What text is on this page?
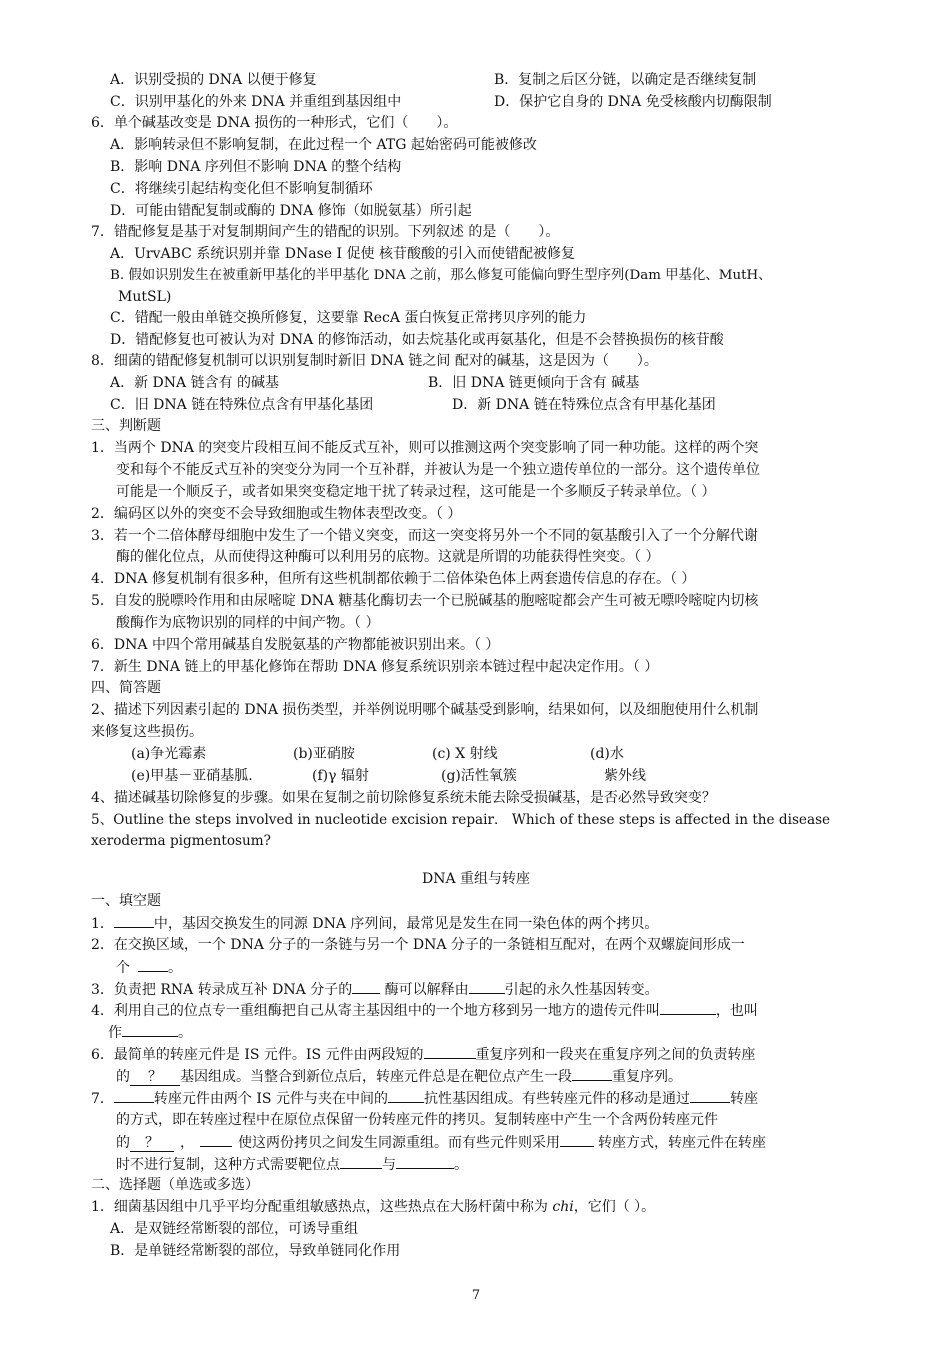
A．识别受损的 DNA 以便于修复	B．复制之后区分链，以确定是否继续复制
C．识别甲基化的外来 DNA 并重组到基因组中	D．保护它自身的 DNA 免受核酸内切酶限制
6．单个碱基改变是 DNA 损伤的一种形式，它们（　　）。
A．影响转录但不影响复制，在此过程一个 ATG 起始密码可能被修改
B．影响 DNA 序列但不影响 DNA 的整个结构
C．将继续引起结构变化但不影响复制循环
D．可能由错配复制或酶的 DNA 修饰（如脱氨基）所引起
7．错配修复是基于对复制期间产生的错配的识别。下列叙述 的是（　　）。
A．UrvABC 系统识别并靠 DNase I 促使 核苷酸酸的引入而使错配被修复
B. 假如识别发生在被重新甲基化的半甲基化 DNA 之前，那么修复可能偏向野生型序列(Dam 甲基化、MutH、
MutSL)
C．错配一般由单链交换所修复，这要靠 RecA 蛋白恢复正常拷贝序列的能力
D．错配修复也可被认为对 DNA 的修饰活动，如去烷基化或再氨基化，但是不会替换损伤的核苷酸
8．细菌的错配修复机制可以识别复制时新旧 DNA 链之间 配对的碱基，这是因为（　　）。
A．新 DNA 链含有 的碱基	B．旧 DNA 链更倾向于含有 碱基
C．旧 DNA 链在特殊位点含有甲基化基团	D．新 DNA 链在特殊位点含有甲基化基团
三、判断题
1．当两个 DNA 的突变片段相互间不能反式互补，则可以推测这两个突变影响了同一种功能。这样的两个突
变和每个不能反式互补的突变分为同一个互补群，并被认为是一个独立遗传单位的一部分。这个遗传单位
可能是一个顺反子，或者如果突变稳定地干扰了转录过程，这可能是一个多顺反子转录单位。（ ）
2．编码区以外的突变不会导致细胞或生物体表型改变。（ ）
3．若一个二倍体酵母细胞中发生了一个错义突变，而这一突变将另外一个不同的氨基酸引入了一个分解代谢
酶的催化位点，从而使得这种酶可以利用另的底物。这就是所谓的功能获得性突变。（ ）
4．DNA 修复机制有很多种，但所有这些机制都依赖于二倍体染色体上两套遗传信息的存在。（ ）
5．自发的脱嘌呤作用和由尿嘧啶 DNA 糖基化酶切去一个已脱碱基的胞嘧啶都会产生可被无嘌呤嘧啶内切核
酸酶作为底物识别的同样的中间产物。（ ）
6．DNA 中四个常用碱基自发脱氨基的产物都能被识别出来。（ ）
7．新生 DNA 链上的甲基化修饰在帮助 DNA 修复系统识别亲本链过程中起决定作用。（ ）
四、简答题
2、描述下列因素引起的 DNA 损伤类型，并举例说明哪个碱基受到影响，结果如何，以及细胞使用什么机制
来修复这些损伤。
(a)争光霉素	(b)亚硝胺	(c) X 射线	(d)水
(e)甲基－亚硝基胍.	(f)γ 辐射	(g)活性氧簇	紫外线
4、描述碱基切除修复的步骤。如果在复制之前切除修复系统未能去除受损碱基，是否必然导致突变？
5、Outline the steps involved in nucleotide excision repair． Which of these steps is affected in the disease
xeroderma pigmentosum?
DNA 重组与转座
一、填空题
1．	中，基因交换发生的同源 DNA 序列间，最常见是发生在同一染色体的两个拷贝。
2．在交换区域，一个 DNA 分子的一条链与另一个 DNA 分子的一条链相互配对，在两个双螺旋间形成一
个	。
3．负责把 RNA 转录成互补 DNA 分子的 酶可以解释由	引起的永久性基因转变。
4．利用自己的位点专一重组酶把自己从寄主基因组中的一个地方移到另一地方的遗传元件叫	，也叫
作	。
6．最简单的转座元件是 IS 元件。IS 元件由两段短的	重复序列和一段夹在重复序列之间的负责转座
的 ？ 基因组成。当整合到新位点后，转座元件总是在靶位点产生一段	重复序列。
7．	转座元件由两个 IS 元件与夹在中间的	抗性基因组成。有些转座元件的移动是通过	转座
的方式，即在转座过程中在原位点保留一份转座元件的拷贝。复制转座中产生一个含两份转座元件
的 ？ ，	使这两份拷贝之间发生同源重组。而有些元件则采用	转座方式，转座元件在转座
时不进行复制，这种方式需要靶位点	与	。
二、选择题（单选或多选）
1．细菌基因组中几乎平均分配重组敏感热点，这些热点在大肠杆菌中称为 chi，它们（ ）。
A．是双链经常断裂的部位，可诱导重组
B．是单链经常断裂的部位，导致单链同化作用
7
